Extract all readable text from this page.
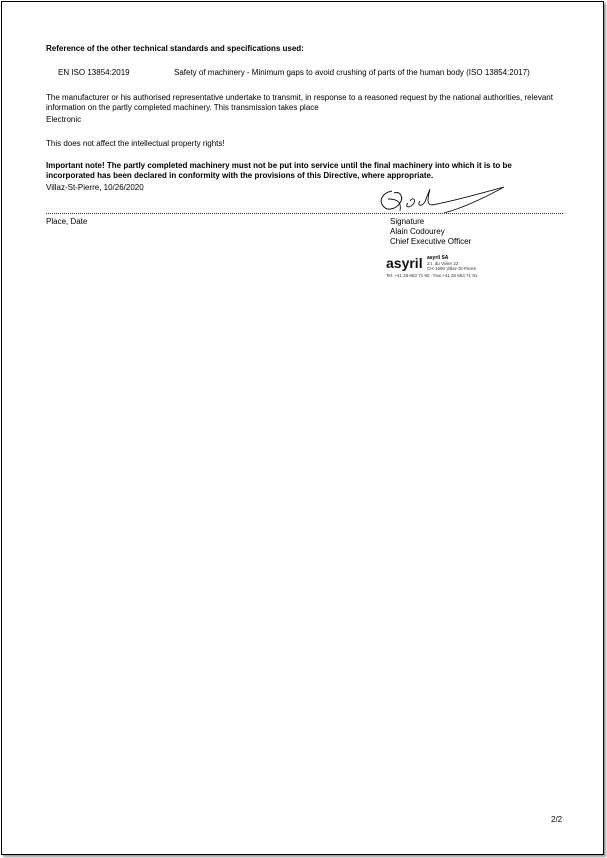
Reference of the other technical standards and specifications used:
EN ISO 13854:2019	Safety of machinery - Minimum gaps to avoid crushing of parts of the human body (ISO 13854:2017)
The manufacturer or his authorised representative undertake to transmit, in response to a reasoned request by the national authorities, relevant information on the partly completed machinery. This transmission takes place
Electronic
This does not affect the intellectual property rights!
Important note! The partly completed machinery must not be put into service until the final machinery into which it is to be incorporated has been declared in conformity with the provisions of this Directive, where appropriate.
Villaz-St-Pierre, 10/26/2020
Place, Date	Signature
Alain Codourey
Chief Executive Officer
asyril asyril SA
Z.I. du Vivier 22
CH-1690 Villaz-St-Pierre
Tel. +41 26 653 71 90 · Fax +41 26 653 71 91
2/2
